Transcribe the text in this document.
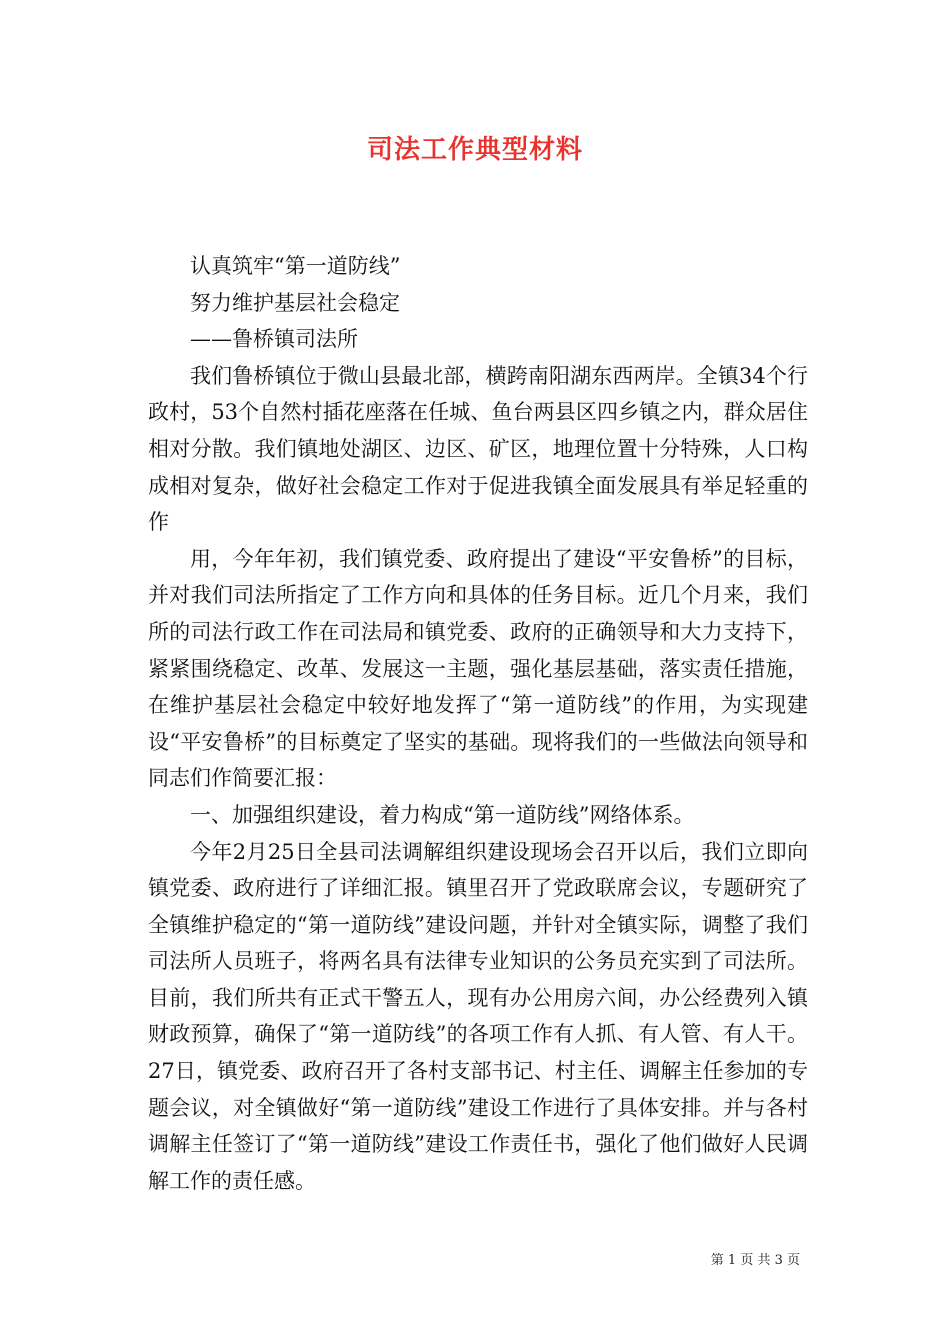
司法工作典型材料

认真筑牢“第一道防线”

努力维护基层社会稳定

——鲁桥镇司法所

我们鲁桥镇位于微山县最北部，横跨南阳湖东西两岸。全镇34个行政村，53个自然村插花座落在任城、鱼台两县区四乡镇之内，群众居住相对分散。我们镇地处湖区、边区、矿区，地理位置十分特殊，人口构成相对复杂，做好社会稳定工作对于促进我镇全面发展具有举足轻重的作

用，今年年初，我们镇党委、政府提出了建设“平安鲁桥”的目标，并对我们司法所指定了工作方向和具体的任务目标。近几个月来，我们所的司法行政工作在司法局和镇党委、政府的正确领导和大力支持下，紧紧围绕稳定、改革、发展这一主题，强化基层基础，落实责任措施，在维护基层社会稳定中较好地发挥了“第一道防线”的作用，为实现建设“平安鲁桥”的目标奠定了坚实的基础。现将我们的一些做法向领导和同志们作简要汇报：

一、加强组织建设，着力构成“第一道防线”网络体系。

今年2月25日全县司法调解组织建设现场会召开以后，我们立即向镇党委、政府进行了详细汇报。镇里召开了党政联席会议，专题研究了全镇维护稳定的“第一道防线”建设问题，并针对全镇实际，调整了我们司法所人员班子，将两名具有法律专业知识的公务员充实到了司法所。目前，我们所共有正式干警五人，现有办公用房六间，办公经费列入镇财政预算，确保了“第一道防线”的各项工作有人抓、有人管、有人干。27日，镇党委、政府召开了各村支部书记、村主任、调解主任参加的专题会议，对全镇做好“第一道防线”建设工作进行了具体安排。并与各村调解主任签订了“第一道防线”建设工作责任书，强化了他们做好人民调解工作的责任感。

第 1 页 共 3 页
